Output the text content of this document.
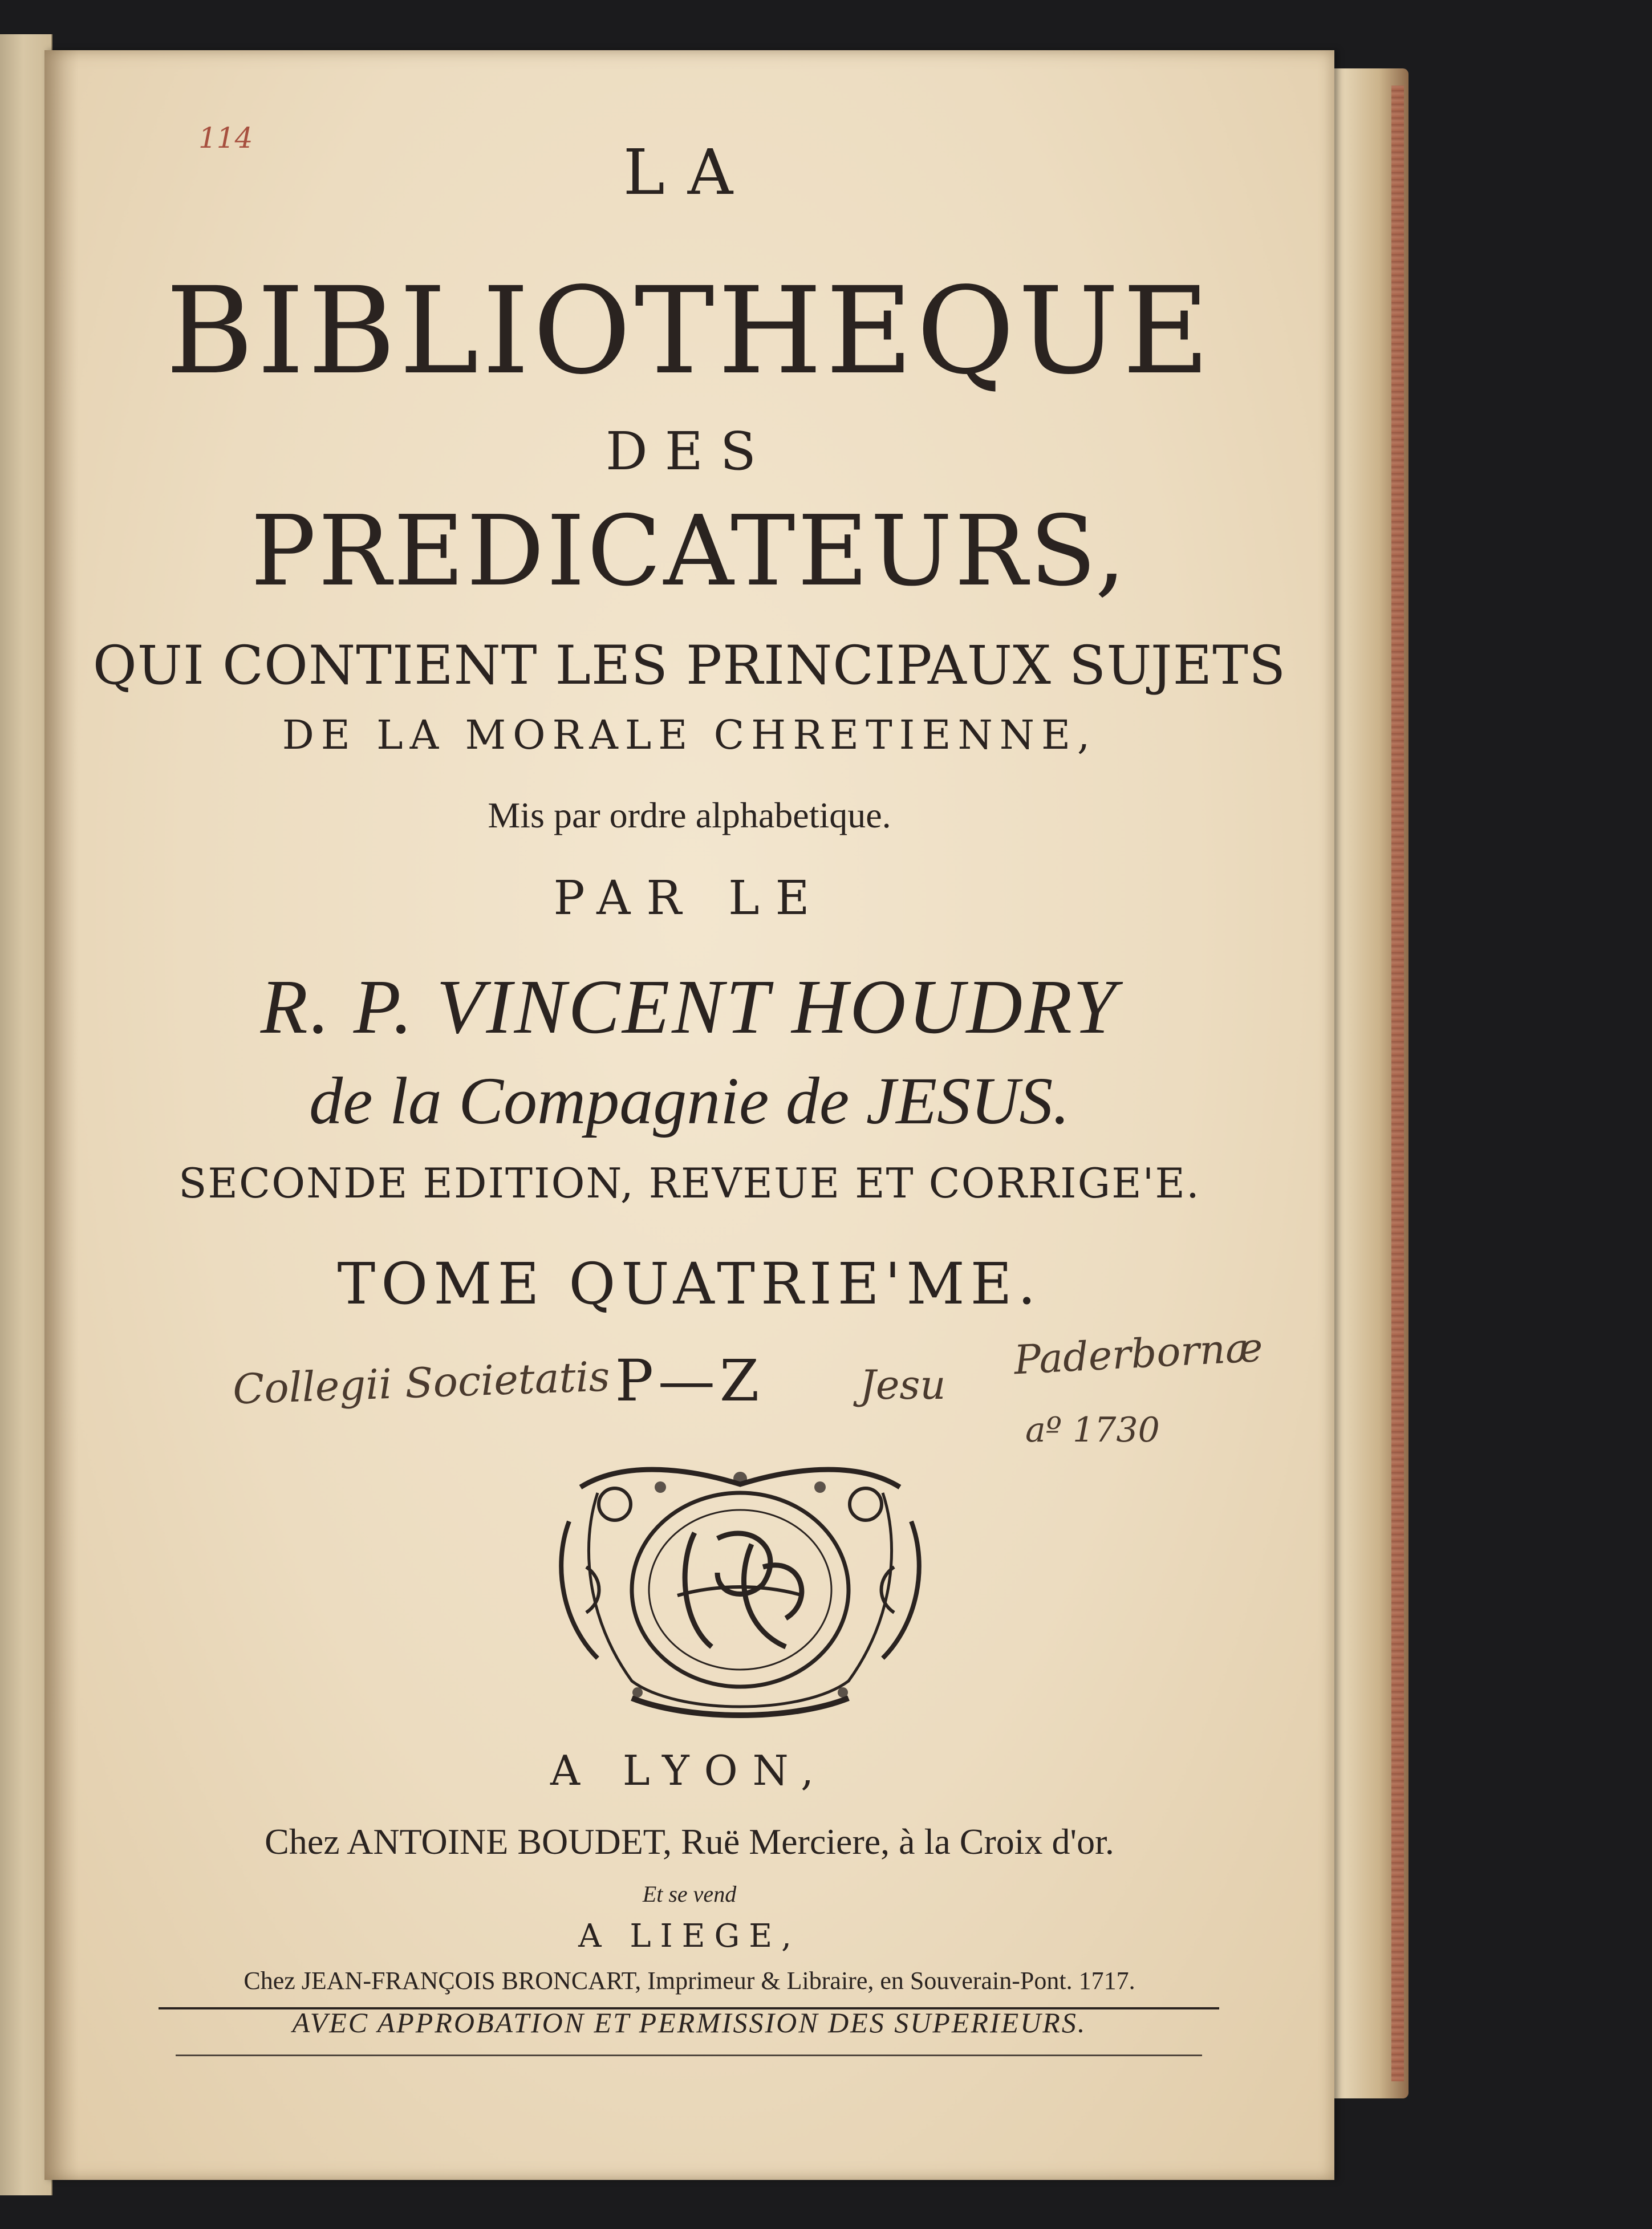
114	LA

BIBLIOTHEQUE

DES

PREDICATEURS,

QUI CONTIENT LES PRINCIPAUX SUJETS

DE LA MORALE CHRETIENNE,

Mis par ordre alphabetique.

PAR LE

R. P. VINCENT HOUDRY

de la Compagnie de JESUS.

SECONDE EDITION, REVEUE ET CORRIGE'E.

TOME QUATRIE'ME.

P—Z

Collegii Societatis	Jesu

Paderbornæ

aº 1730

A LYON,

Chez ANTOINE BOUDET, Ruë Merciere, à la Croix d'or.

Et se vend

A LIEGE,

Chez JEAN-FRANÇOIS BRONCART, Imprimeur & Libraire, en Souverain-Pont. 1717.

AVEC APPROBATION ET PERMISSION DES SUPERIEURS.
